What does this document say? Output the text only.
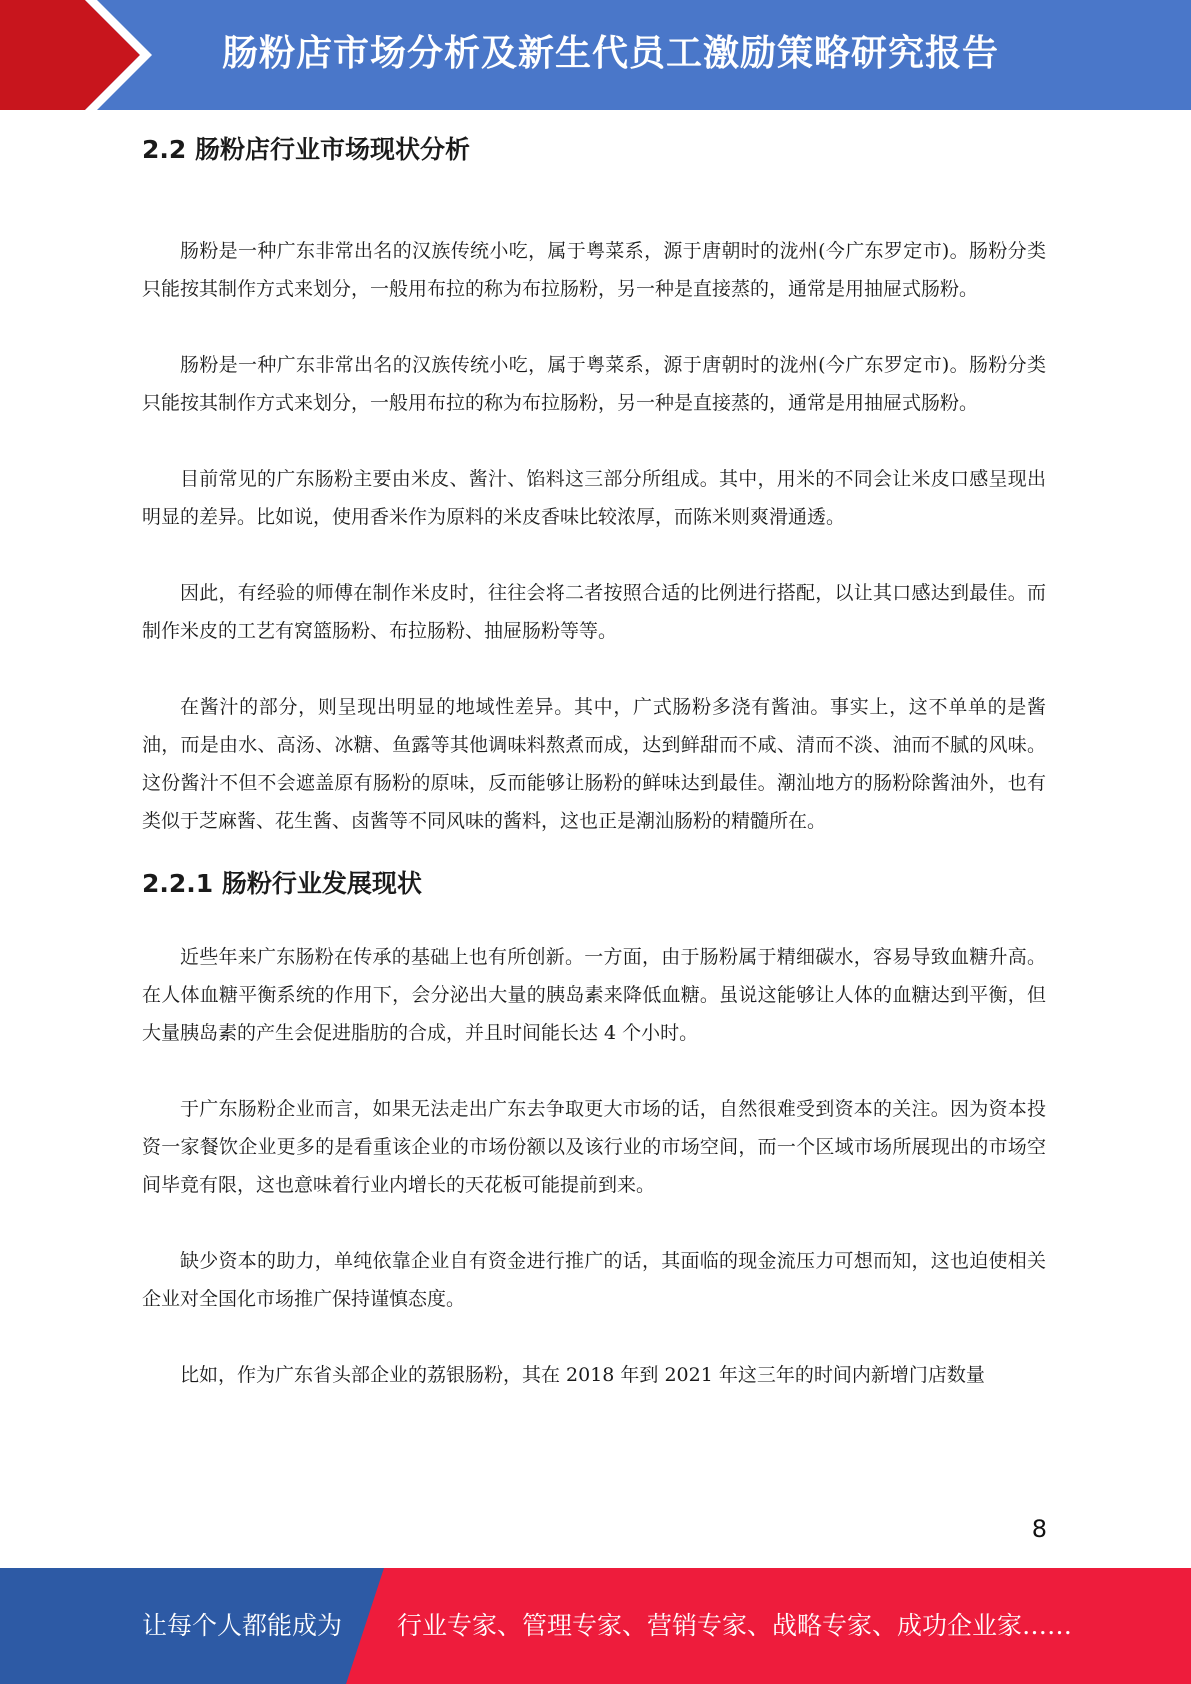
肠粉店市场分析及新生代员工激励策略研究报告
2.2 肠粉店行业市场现状分析

肠粉是一种广东非常出名的汉族传统小吃，属于粤菜系，源于唐朝时的泷州(今广东罗定市)。肠粉分类只能按其制作方式来划分，一般用布拉的称为布拉肠粉，另一种是直接蒸的，通常是用抽屉式肠粉。

肠粉是一种广东非常出名的汉族传统小吃，属于粤菜系，源于唐朝时的泷州(今广东罗定市)。肠粉分类只能按其制作方式来划分，一般用布拉的称为布拉肠粉，另一种是直接蒸的，通常是用抽屉式肠粉。

目前常见的广东肠粉主要由米皮、酱汁、馅料这三部分所组成。其中，用米的不同会让米皮口感呈现出明显的差异。比如说，使用香米作为原料的米皮香味比较浓厚，而陈米则爽滑通透。

因此，有经验的师傅在制作米皮时，往往会将二者按照合适的比例进行搭配，以让其口感达到最佳。而制作米皮的工艺有窝篮肠粉、布拉肠粉、抽屉肠粉等等。

在酱汁的部分，则呈现出明显的地域性差异。其中，广式肠粉多浇有酱油。事实上，这不单单的是酱油，而是由水、高汤、冰糖、鱼露等其他调味料熬煮而成，达到鲜甜而不咸、清而不淡、油而不腻的风味。这份酱汁不但不会遮盖原有肠粉的原味，反而能够让肠粉的鲜味达到最佳。潮汕地方的肠粉除酱油外，也有类似于芝麻酱、花生酱、卤酱等不同风味的酱料，这也正是潮汕肠粉的精髓所在。

2.2.1 肠粉行业发展现状

近些年来广东肠粉在传承的基础上也有所创新。一方面，由于肠粉属于精细碳水，容易导致血糖升高。在人体血糖平衡系统的作用下，会分泌出大量的胰岛素来降低血糖。虽说这能够让人体的血糖达到平衡，但大量胰岛素的产生会促进脂肪的合成，并且时间能长达 4 个小时。

于广东肠粉企业而言，如果无法走出广东去争取更大市场的话，自然很难受到资本的关注。因为资本投资一家餐饮企业更多的是看重该企业的市场份额以及该行业的市场空间，而一个区域市场所展现出的市场空间毕竟有限，这也意味着行业内增长的天花板可能提前到来。

缺少资本的助力，单纯依靠企业自有资金进行推广的话，其面临的现金流压力可想而知，这也迫使相关企业对全国化市场推广保持谨慎态度。

比如，作为广东省头部企业的荔银肠粉，其在 2018 年到 2021 年这三年的时间内新增门店数量

8
让每个人都能成为 行业专家、管理专家、营销专家、战略专家、成功企业家……
